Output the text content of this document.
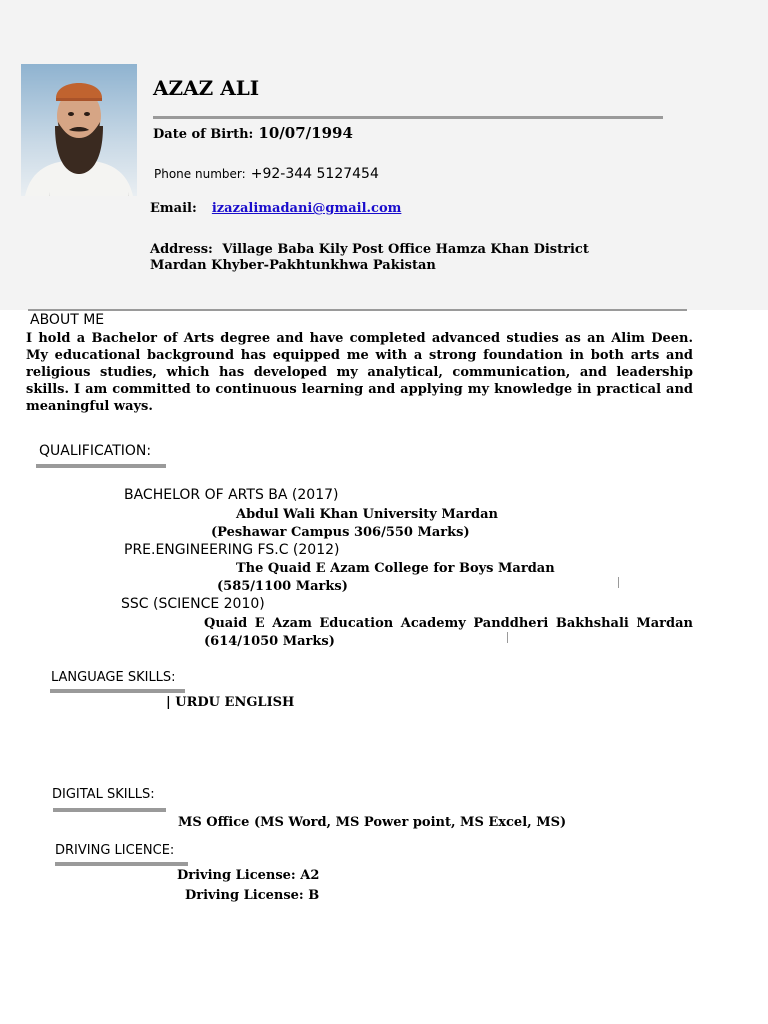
AZAZ ALI
Date of Birth: 10/07/1994
Phone number: +92-344 5127454
Email: izazalimadani@gmail.com
Address: Village Baba Kily Post Office Hamza Khan District
Mardan Khyber-Pakhtunkhwa Pakistan
ABOUT ME
I hold a Bachelor of Arts degree and have completed advanced studies as an Alim Deen. My educational background has equipped me with a strong foundation in both arts and religious studies, which has developed my analytical, communication, and leadership skills. I am committed to continuous learning and applying my knowledge in practical and meaningful ways.
QUALIFICATION:
BACHELOR OF ARTS BA (2017)
Abdul Wali Khan University Mardan
(Peshawar Campus 306/550 Marks)
PRE.ENGINEERING FS.C (2012)
The Quaid E Azam College for Boys Mardan
(585/1100 Marks)
SSC (SCIENCE 2010)
Quaid E Azam Education Academy Panddheri Bakhshali Mardan
(614/1050 Marks)
LANGUAGE SKILLS:
| URDU ENGLISH
DIGITAL SKILLS:
MS Office (MS Word, MS Power point, MS Excel, MS)
DRIVING LICENCE:
Driving License: A2
Driving License: B
